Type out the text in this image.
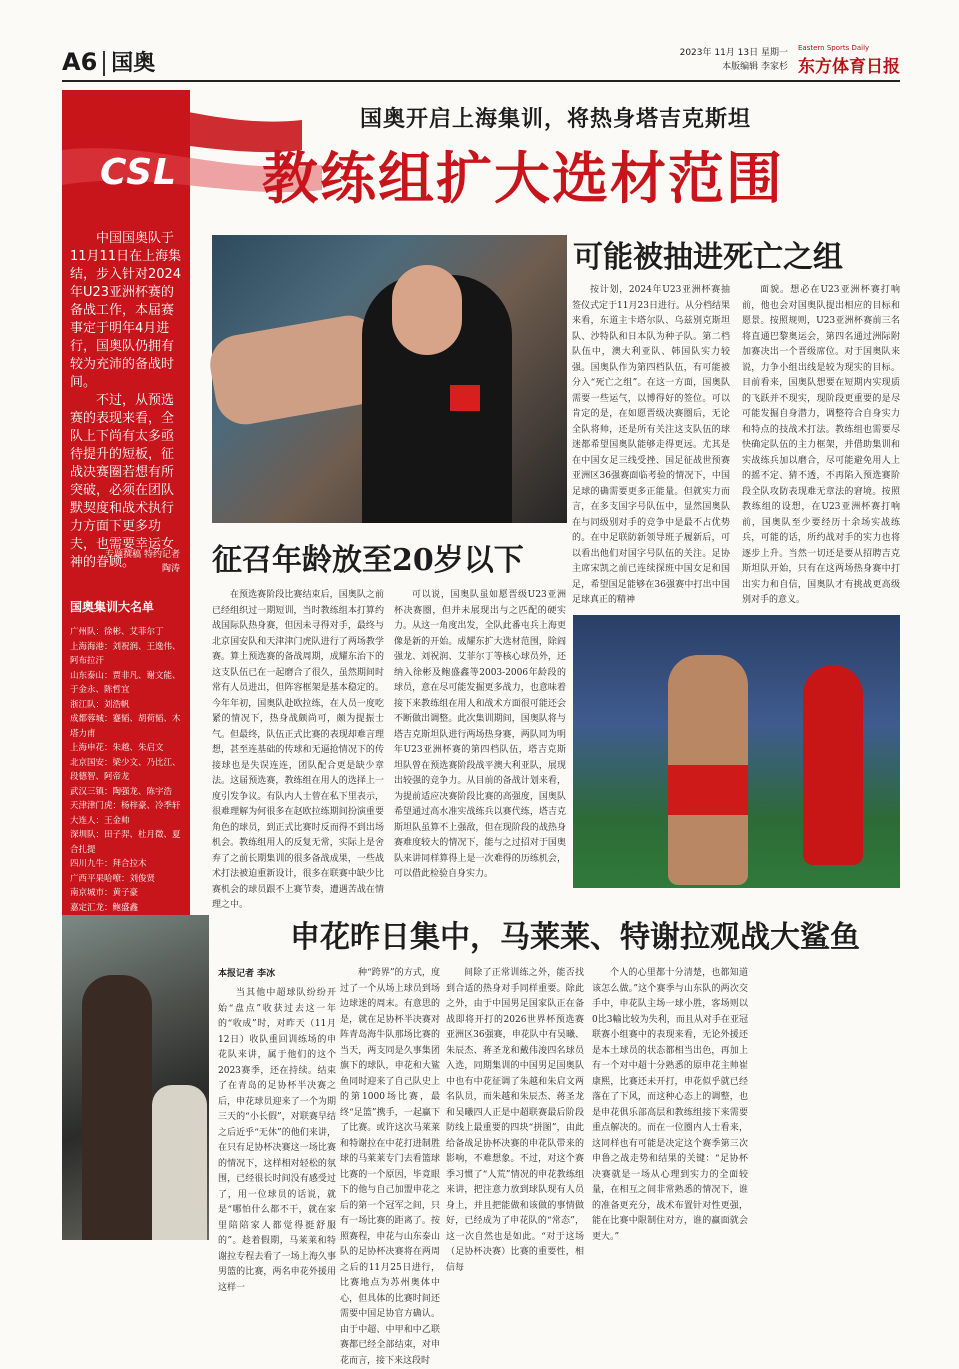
A6 国奥	2023年 11月 13日 星期一
本版编辑 李家杉
Eastern Sports Daily
东方体育日报
CSL
国奥开启上海集训，将热身塔吉克斯坦
教练组扩大选材范围

中国国奥队于11月11日在上海集结，步入针对2024年U23亚洲杯赛的备战工作，本届赛事定于明年4月进行，国奥队仍拥有较为充沛的备战时间。

不过，从预选赛的表现来看，全队上下尚有太多亟待提升的短板，征战决赛圈若想有所突破，必须在团队默契度和战术执行力方面下更多功夫，也需要幸运女神的眷顾。

专题撰稿 特约记者 陶涛
国奥集训大名单
广州队：徐彬、艾菲尔丁
上海海港：刘祝润、王逸伟、阿布拉汗
山东泰山：贾非凡、谢文能、于金永、陈哲宜
浙江队：刘浩帆
成都蓉城：蹇韬、胡荷韬、木塔力甫
上海申花：朱越、朱启文
北京国安：梁少文、乃比江、段德智、阿帝龙
武汉三镇：陶强龙、陈宇浩
天津津门虎：杨梓豪、冷季轩
大连人：王金帅
深圳队：田子羿、杜月徵、夏合扎提
四川九牛：拜合拉木
广西平果哈嘹：刘俊贤
南京城市：黄子豪
嘉定汇龙：鲍盛鑫
可能被抽进死亡之组
按计划，2024年U23亚洲杯赛抽签仪式定于11月23日进行。从分档结果来看，东道主卡塔尔队、乌兹别克斯坦队、沙特队和日本队为种子队。第二档队伍中，澳大利亚队、韩国队实力较强。国奥队作为第四档队伍，有可能被分入“死亡之组”。在这一方面，国奥队需要一些运气，以博得好的签位。可以肯定的是，在如愿晋级决赛圈后，无论全队将帅，还是所有关注这支队伍的球迷都希望国奥队能够走得更远。尤其是在中国女足三线受挫、国足征战世预赛亚洲区36强赛面临考验的情况下，中国足球的确需要更多正能量。但就实力而言，在多支国字号队伍中，显然国奥队在与同级别对手的竞争中是最不占优势的。在中足联防新领导班子履新后，可以看出他们对国字号队伍的关注。足协主席宋凯之前已连续探班中国女足和国足，希望国足能够在36强赛中打出中国足球真正的精神
面貌。想必在U23亚洲杯赛打响前，他也会对国奥队提出相应的目标和愿景。按照规则，U23亚洲杯赛前三名将直通巴黎奥运会，第四名通过洲际附加赛决出一个晋级席位。对于国奥队来说，力争小组出线是较为现实的目标。目前看来，国奥队想要在短期内实现质的飞跃并不现实，现阶段更重要的是尽可能发掘自身潜力，调整符合自身实力和特点的技战术打法。教练组也需要尽快确定队伍的主力框架，并借助集训和实战练兵加以磨合，尽可能避免用人上的摇不定、猜不透，不再陷入预选赛阶段全队攻防表现难无章法的窘境。按照教练组的设想，在U23亚洲杯赛打响前，国奥队至少要经历十余场实战练兵，可能的话，所约战对手的实力也将逐步上升。当然一切还是要从招聘吉克斯坦队开始，只有在这两场热身赛中打出实力和自信，国奥队才有挑战更高级别对手的意义。
征召年龄放至20岁以下
在预选赛阶段比赛结束后，国奥队之前已经组织过一期短训，当时教练组本打算约战国际队热身赛，但因未寻得对手，最终与北京国安队和天津津门虎队进行了两场教学赛。算上预选赛的备战周期，成耀东治下的这支队伍已在一起磨合了很久，虽然期间时常有人员进出，但阵容框架是基本稳定的。今年年初，国奥队赴欧拉练，在人员一度吃紧的情况下，热身战颇尚可，颇为提振士气。但最终，队伍正式比赛的表现却难言理想，甚至连基础的传球和无逼抢情况下的传接球也是失误连连，团队配合更是缺少章法。这届预选赛，教练组在用人的选择上一度引发争议。有队内人士曾在私下里表示，很难理解为何很多在赵欧拉练期间扮演重要角色的球员，到正式比赛时反而得不到出场机会。教练组用人的反复无常，实际上是舍弃了之前长期集训的很多备战成果，一些战术打法被迫重新设计，很多在联赛中缺少比赛机会的球员跟不上赛节奏，遭遇苦战在情理之中。
可以说，国奥队虽如愿晋级U23亚洲杯决赛圈，但并未展现出与之匹配的硬实力。从这一角度出发，全队此番屯兵上海更像是新的开始。成耀东扩大选材范围，除阎强龙、刘祝润、艾菲尔丁等核心球员外，还纳入徐彬及鲍盛鑫等2003-2006年龄段的球员，意在尽可能发掘更多战力，也意味着接下来教练组在用人和战术方面很可能还会不断做出调整。此次集训期间，国奥队将与塔吉克斯坦队进行两场热身赛，两队同为明年U23亚洲杯赛的第四档队伍，塔吉克斯坦队曾在预选赛阶段战平澳大利亚队，展现出较强的竞争力。从目前的备战计划来看，为提前适应决赛阶段比赛的高强度，国奥队希望通过高水准实战练兵以赛代练，塔吉克斯坦队虽算不上强敌，但在现阶段的战热身赛难度较大的情况下，能与之过招对于国奥队来讲同样算得上是一次难得的历练机会，可以借此检验自身实力。
申花昨日集中，马莱莱、特谢拉观战大鲨鱼
本报记者 李冰
当其他中超球队纷纷开始“盘点”收获过去这一年的“收成”时，对昨天（11月12日）收队重回训练场的申花队来讲，属于他们的这个2023赛季，还在持续。结束了在青岛的足协杯半决赛之后，申花球员迎来了一个为期三天的“小长假”，对联赛早结之后近乎“无休”的他们来讲，在只有足协杯决赛这一场比赛的情况下，这样相对轻松的氛围，已经很长时间没有感受过了，用一位球员的话说，就是“哪怕什么都不干，就在家里陪陪家人都觉得挺舒服的”。趁着假期，马莱莱和特谢拉专程去看了一场上海久事男篮的比赛，两名申花外援用这样一
种“跨界”的方式，度过了一个从场上球员到场边球迷的周末。有意思的是，就在足协杯半决赛对阵青岛海牛队那场比赛的当天，两支同是久事集团旗下的球队，申花和大鲨鱼同时迎来了自己队史上的第1000场比赛，最终“足篮”携手，一起赢下了比赛。或许这次马莱莱和特谢拉在中花打进制胜球的马莱莱专门去看篮球比赛的一个原因，毕竟眼下的他与自己加盟申花之后的第一个冠军之间，只有一场比赛的距离了。按照赛程，申花与山东泰山队的足协杯决赛将在两周之后的11月25日进行，比赛地点为苏州奥体中心，但具体的比赛时间还需要中国足协官方确认。由于中超、中甲和中乙联赛都已经全部结束，对申花而言，接下来这段时
间除了正常训练之外，能否找到合适的热身对手同样重要。除此之外，由于中国男足国家队正在备战即将开打的2026世界杯预选赛亚洲区36强赛，申花队中有吴曦、朱辰杰、蒋圣龙和戴伟浚四名球员入选，同期集训的中国男足国奥队中也有中花征调了朱越和朱启文两名队员，而朱越和朱辰杰、蒋圣龙和吴曦四人正是中超联赛最后阶段防线上最重要的四块“拼图”，由此给备战足协杯决赛的申花队带来的影响，不难想象。不过，对这个赛季习惯了“人荒”情况的申花教练组来讲，把注意力放到球队现有人员身上，并且把能做和该做的事情做好，已经成为了申花队的“常态”，这一次自然也是如此。“对于这场（足协杯决赛）比赛的重要性，相信每
个人的心里都十分清楚，也都知道该怎么做。”这个赛季与山东队的两次交手中，申花队主场一球小胜，客场则以0比3輸比较为失利，而且从对手在亚冠联赛小组赛中的表现来看，无论外援还是本土球员的状态都相当出色，再加上有一个对中超十分熟悉的原申花主帅崔康熙，比赛还未开打，申花似乎就已经落在了下风，而这种心态上的调整，也是申花俱乐部高层和教练组接下来需要重点解决的。而在一位圈内人士看来，这同样也有可能是决定这个赛季第三次申鲁之战走势和结果的关键：“足协杯决赛就是一场从心理到实力的全面较量，在相互之间非常熟悉的情况下，谁的准备更充分，战术布置针对性更强，能在比赛中限制住对方，谁的赢面就会更大。”
